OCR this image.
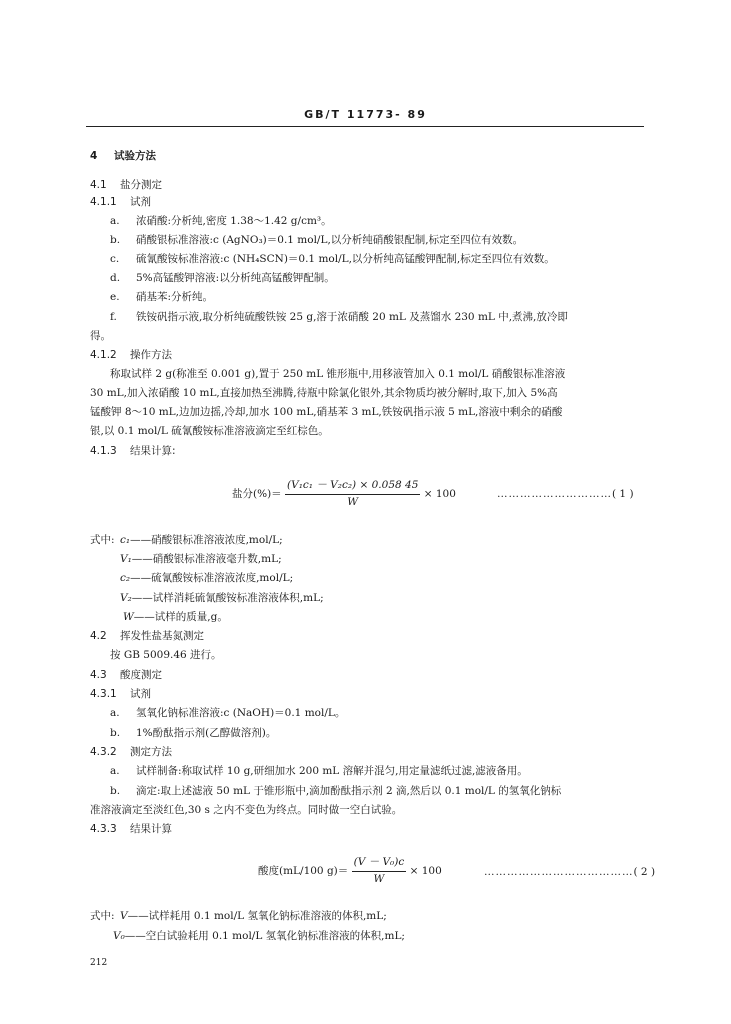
GB/T 11773- 89
4 试验方法
4.1 盐分测定
4.1.1 试剂
a. 浓硝酸:分析纯,密度 1.38～1.42 g/cm³。
b. 硝酸银标准溶液:c (AgNO₃)＝0.1 mol/L,以分析纯硝酸银配制,标定至四位有效数。
c. 硫氰酸铵标准溶液:c (NH₄SCN)＝0.1 mol/L,以分析纯高锰酸钾配制,标定至四位有效数。
d. 5%高锰酸钾溶液:以分析纯高锰酸钾配制。
e. 硝基苯:分析纯。
f. 铁铵矾指示液,取分析纯硫酸铁铵 25 g,溶于浓硝酸 20 mL 及蒸馏水 230 mL 中,煮沸,放冷即
得。
4.1.2 操作方法
称取试样 2 g(称准至 0.001 g),置于 250 mL 锥形瓶中,用移液管加入 0.1 mol/L 硝酸银标准溶液
30 mL,加入浓硝酸 10 mL,直接加热至沸腾,待瓶中除氯化银外,其余物质均被分解时,取下,加入 5%高
锰酸钾 8～10 mL,边加边摇,冷却,加水 100 mL,硝基苯 3 mL,铁铵矾指示液 5 mL,溶液中剩余的硝酸
银,以 0.1 mol/L 硫氰酸铵标准溶液滴定至红棕色。
4.1.3 结果计算:
盐分(%)＝ $\frac{\text{(V₁c₁ － V₂c₂) × 0.058 45}}{W} \times 100$	…………………………( 1 )
式中: c₁——硝酸银标准溶液浓度,mol/L;
V₁——硝酸银标准溶液毫升数,mL;
c₂——硫氰酸铵标准溶液浓度,mol/L;
V₂——试样消耗硫氰酸铵标准溶液体积,mL;
W——试样的质量,g。
4.2 挥发性盐基氮测定
按 GB 5009.46 进行。
4.3 酸度测定
4.3.1 试剂
a. 氢氧化钠标准溶液:c (NaOH)＝0.1 mol/L。
b. 1%酚酞指示剂(乙醇做溶剂)。
4.3.2 测定方法
a. 试样制备:称取试样 10 g,研细加水 200 mL 溶解并混匀,用定量滤纸过滤,滤液备用。
b. 滴定:取上述滤液 50 mL 于锥形瓶中,滴加酚酞指示剂 2 滴,然后以 0.1 mol/L 的氢氧化钠标
准溶液滴定至淡红色,30 s 之内不变色为终点。同时做一空白试验。
4.3.3 结果计算
酸度(mL/100 $g)= \frac{\text{(V － V₀)c}}{W} \times 100$	…………………………………( 2 )
式中: V——试样耗用 0.1 mol/L 氢氧化钠标准溶液的体积,mL;
V₀——空白试验耗用 0.1 mol/L 氢氧化钠标准溶液的体积,mL;
212
